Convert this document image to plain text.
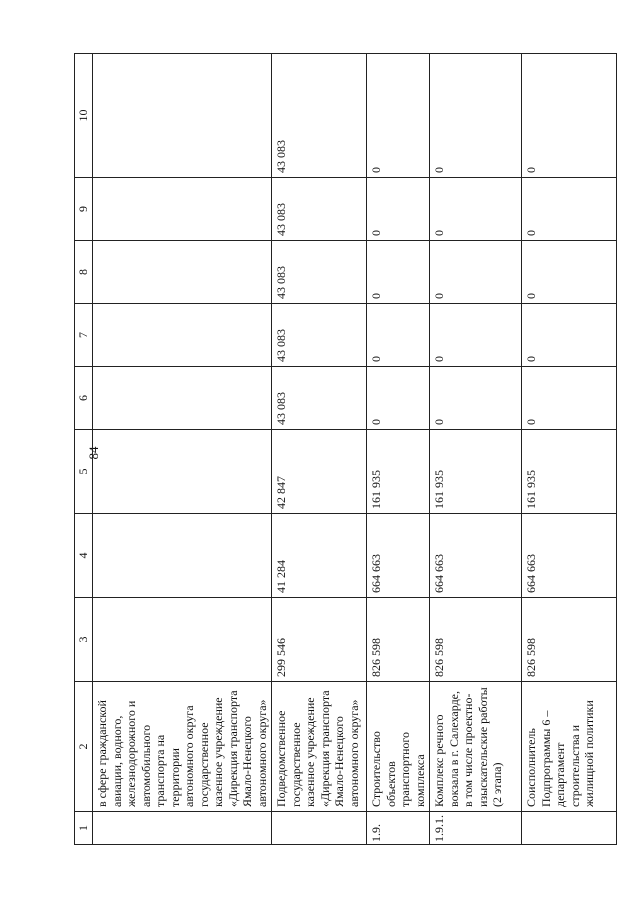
84
1	2	3	4	5	6	7	8	9	10
	в сфере гражданской авиации, водного, железнодорожного и автомобильного транспорта на территории автономного округа государственное казенное учреждение «Дирекция транспорта Ямало-Ненецкого автономного округа»								
	Подведомственное государственное казенное учреждение «Дирекция транспорта Ямало-Ненецкого автономного округа»	299 546	41 284	42 847	43 083	43 083	43 083	43 083	43 083
1.9.	Строительство объектов транспортного комплекса	826 598	664 663	161 935	0	0	0	0	0
1.9.1.	Комплекс речного вокзала в г. Салехарде, в том числе проектно-изыскательские работы (2 этапа)	826 598	664 663	161 935	0	0	0	0	0
	Соисполнитель Подпрограммы 6 – департамент строительства и жилищной политики	826 598	664 663	161 935	0	0	0	0	0
